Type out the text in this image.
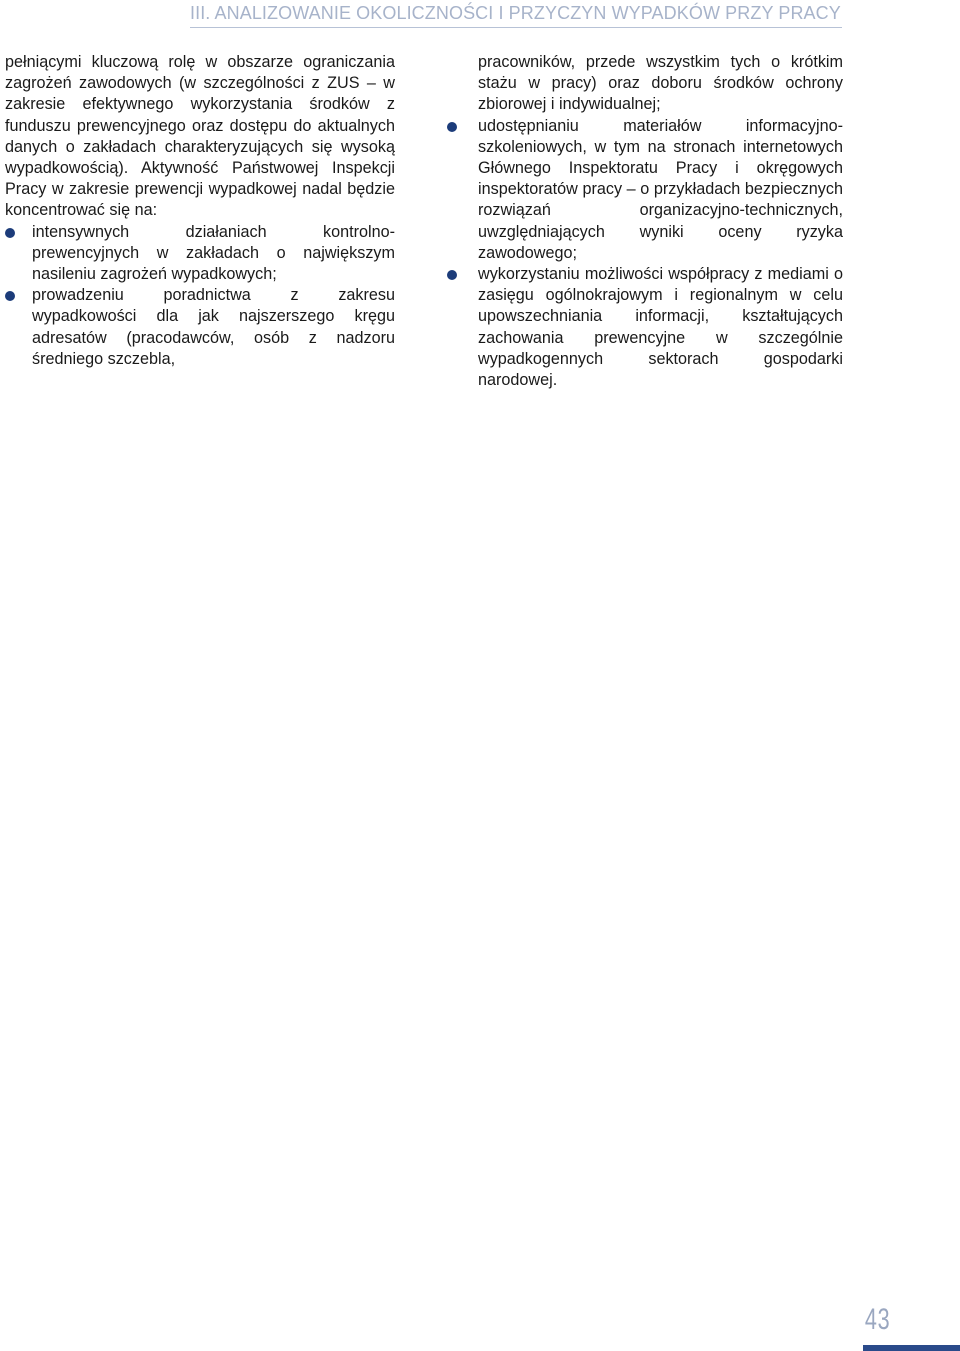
III. ANALIZOWANIE OKOLICZNOŚCI I PRZYCZYN WYPADKÓW PRZY PRACY

pełniącymi kluczową rolę w obszarze ograniczania zagrożeń zawodowych (w szczególności z ZUS – w zakresie efektywnego wykorzystania środków z funduszu prewencyjnego oraz dostępu do aktualnych danych o zakładach charakteryzujących się wysoką wypadkowością). Aktywność Państwowej Inspekcji Pracy w zakresie prewencji wypadkowej nadal będzie koncentrować się na:

intensywnych działaniach kontrolno-prewencyjnych w zakładach o największym nasileniu zagrożeń wypadkowych;
prowadzeniu poradnictwa z zakresu wypadkowości dla jak najszerszego kręgu adresatów (pracodawców, osób z nadzoru średniego szczebla,

pracowników, przede wszystkim tych o krótkim stażu w pracy) oraz doboru środków ochrony zbiorowej i indywidualnej;

udostępnianiu materiałów informacyjno-szkoleniowych, w tym na stronach internetowych Głównego Inspektoratu Pracy i okręgowych inspektoratów pracy – o przykładach bezpiecznych rozwiązań organizacyjno-technicznych, uwzględniających wyniki oceny ryzyka zawodowego;
wykorzystaniu możliwości współpracy z mediami o zasięgu ogólnokrajowym i regionalnym w celu upowszechniania informacji, kształtujących zachowania prewencyjne w szczególnie wypadkogennych sektorach gospodarki narodowej.
43
